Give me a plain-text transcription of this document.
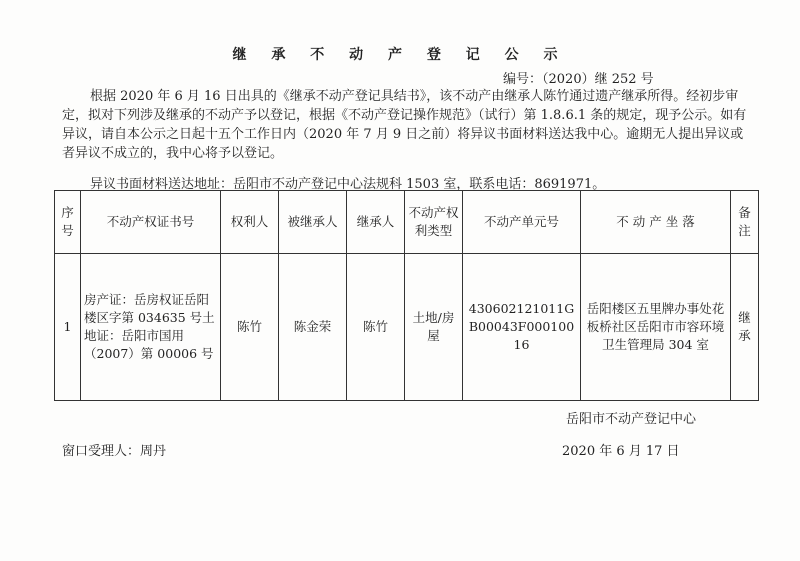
继 承 不 动 产 登 记 公 示
编号：（2020）继 252 号
根据 2020 年 6 月 16 日出具的《继承不动产登记具结书》，该不动产由继承人陈竹通过遗产继承所得。经初步审定，拟对下列涉及继承的不动产予以登记，根据《不动产登记操作规范》（试行）第 1.8.6.1 条的规定，现予公示。如有异议，请自本公示之日起十五个工作日内（2020 年 7 月 9 日之前）将异议书面材料送达我中心。逾期无人提出异议或者异议不成立的，我中心将予以登记。
异议书面材料送达地址：岳阳市不动产登记中心法规科 1503 室，联系电话：8691971。
序号	不动产权证书号	权利人	被继承人	继承人	不动产权利类型	不动产单元号	不 动 产 坐 落	备注
1	房产证：岳房权证岳阳楼区字第 034635 号土地证：岳阳市国用（2007）第 00006 号	陈竹	陈金荣	陈竹	土地/房屋	430602121011GB00043F00010016	岳阳楼区五里牌办事处花板桥社区岳阳市市容环境卫生管理局 304 室	继承
岳阳市不动产登记中心
窗口受理人：周丹	2020 年 6 月 17 日
